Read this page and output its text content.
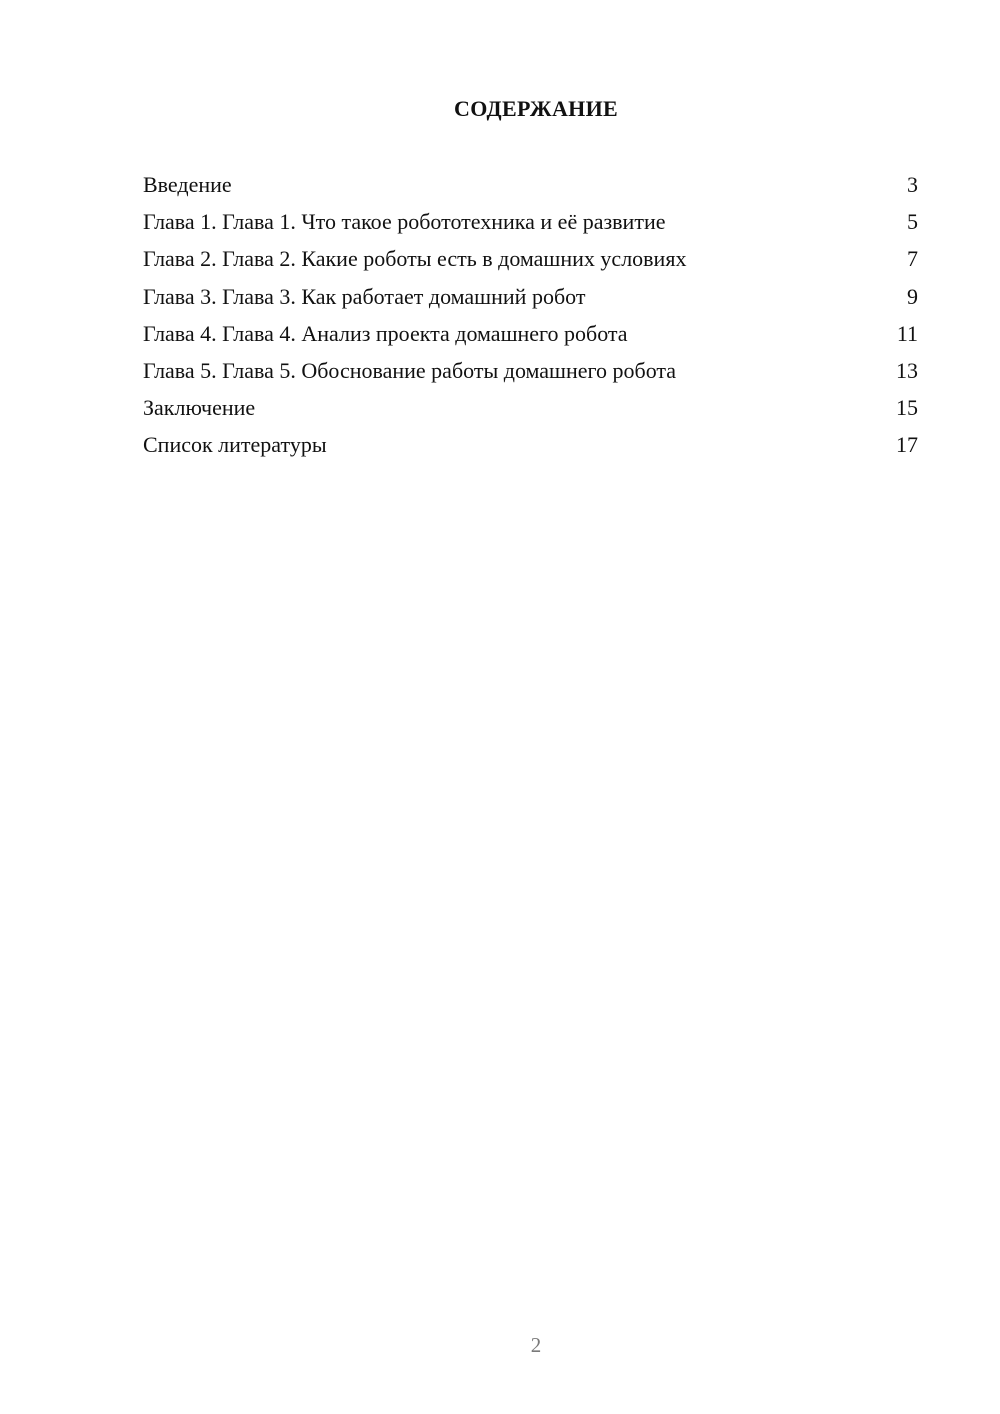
СОДЕРЖАНИЕ
Введение	3
Глава 1. Глава 1. Что такое робототехника и её развитие	5
Глава 2. Глава 2. Какие роботы есть в домашних условиях	7
Глава 3. Глава 3. Как работает домашний робот	9
Глава 4. Глава 4. Анализ проекта домашнего робота	11
Глава 5. Глава 5. Обоснование работы домашнего робота	13
Заключение	15
Список литературы	17
2
